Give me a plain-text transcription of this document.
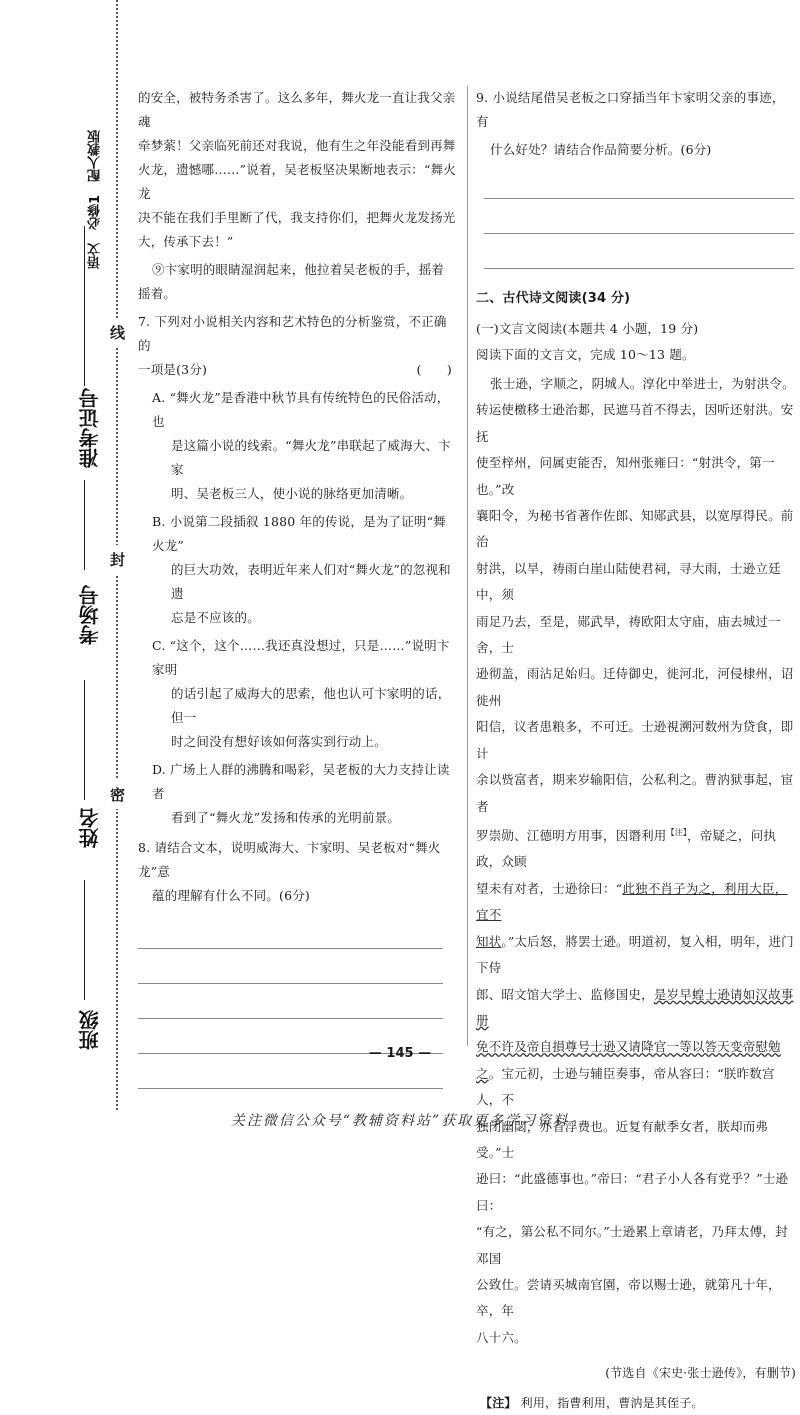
语文　必修1　配人教版
准考证号
考场号
姓名
班级
线
封
密
的安全，被特务杀害了。这么多年，舞火龙一直让我父亲魂
牵梦萦！父亲临死前还对我说，他有生之年没能看到再舞
火龙，遗憾哪……”说着，吴老板坚决果断地表示：“舞火龙
决不能在我们手里断了代，我支持你们，把舞火龙发扬光
大，传承下去！”
⑨卞家明的眼睛湿润起来，他拉着吴老板的手，摇着
摇着。
7. 下列对小说相关内容和艺术特色的分析鉴赏，不正确的
一项是(3分)	(　　)
A. “舞火龙”是香港中秋节具有传统特色的民俗活动，也
是这篇小说的线索。“舞火龙”串联起了威海大、卞家
明、吴老板三人，使小说的脉络更加清晰。
B. 小说第二段插叙 1880 年的传说，是为了证明“舞火龙”
的巨大功效，表明近年来人们对“舞火龙”的忽视和遗
忘是不应该的。
C. “这个，这个……我还真没想过，只是……”说明卞家明
的话引起了威海大的思索，他也认可卞家明的话，但一
时之间没有想好该如何落实到行动上。
D. 广场上人群的沸腾和喝彩，吴老板的大力支持让读者
看到了“舞火龙”发扬和传承的光明前景。
8. 请结合文本，说明威海大、卞家明、吴老板对“舞火龙”意
蕴的理解有什么不同。(6分)
9. 小说结尾借吴老板之口穿插当年卞家明父亲的事迹，有
什么好处？请结合作品简要分析。(6分)
二、古代诗文阅读(34 分)
(一)文言文阅读(本题共 4 小题，19 分)
阅读下面的文言文，完成 10～13 题。
张士逊，字顺之，阴城人。淳化中举进士，为射洪令。
转运使檄移士逊治郪，民遮马首不得去，因听还射洪。安抚
使至梓州，问属吏能否，知州张雍曰：“射洪令，第一也。”改
襄阳令，为秘书省著作佐郎、知郧武县，以宽厚得民。前治
射洪，以旱，祷雨白崖山陆使君祠，寻大雨，士逊立廷中，须
雨足乃去，至是，郧武旱，祷欧阳太守庙，庙去城过一舍，士
逊彻盖，雨沾足始归。迁侍御史，徙河北，河侵棣州，诏徙州
阳信，议者患粮多，不可迁。士逊視溯河数州为贷食，即计
余以赀富者，期来岁输阳信，公私利之。曹汭狱事起，宦者
罗崇勋、江德明方用事，因谮利用$^{【注】}$，帝疑之，问执政，众顾
望未有对者，士逊徐曰：“此独不肖子为之，利用大臣，宜不
知状。”太后怒，將罢士逊。明道初，复入相，明年，进门下侍
郎、昭文馆大学士、监修国史，是岁早蝗士逊请如汉故事册
免不许及帝自損尊号士逊又请降官一等以答天变帝慰勉
之。宝元初，士逊与辅臣奏事，帝从容曰：“朕昨数宫人，不
独闭幽閟，亦省浮费也。近复有献季女者，朕却而弗受。”士
逊曰：“此盛德事也。”帝曰：“君子小人各有党乎？”士逊曰：
“有之，第公私不同尔。”士逊累上章请老，乃拜太傅，封邓国
公致仕。尝请买城南官園，帝以赐士逊，就第凡十年，卒，年
八十六。
(节选自《宋史·张士逊传》，有删节)
【注】 利用，指曹利用，曹汭是其侄子。
— 145 —
关注微信公众号“教辅资料站”获取更多学习资料
